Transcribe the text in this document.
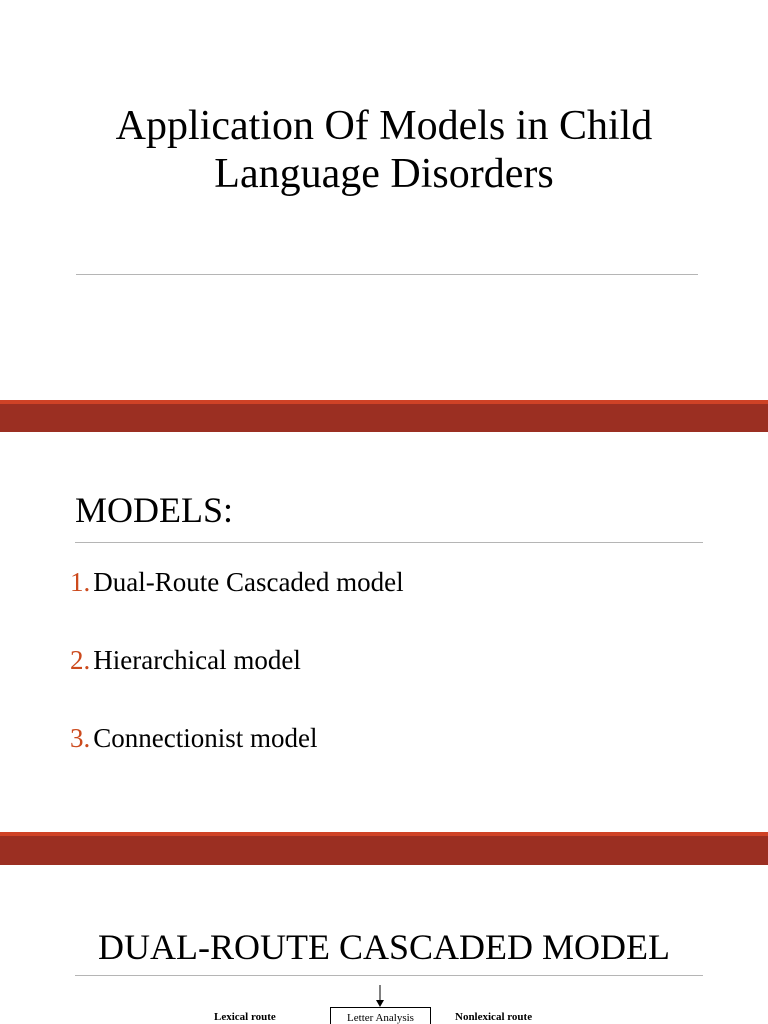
Application Of Models in Child
Language Disorders
MODELS:
1. Dual-Route Cascaded model
2. Hierarchical model
3. Connectionist model
DUAL-ROUTE CASCADED MODEL
Lexical route	Letter Analysis	Nonlexical route
